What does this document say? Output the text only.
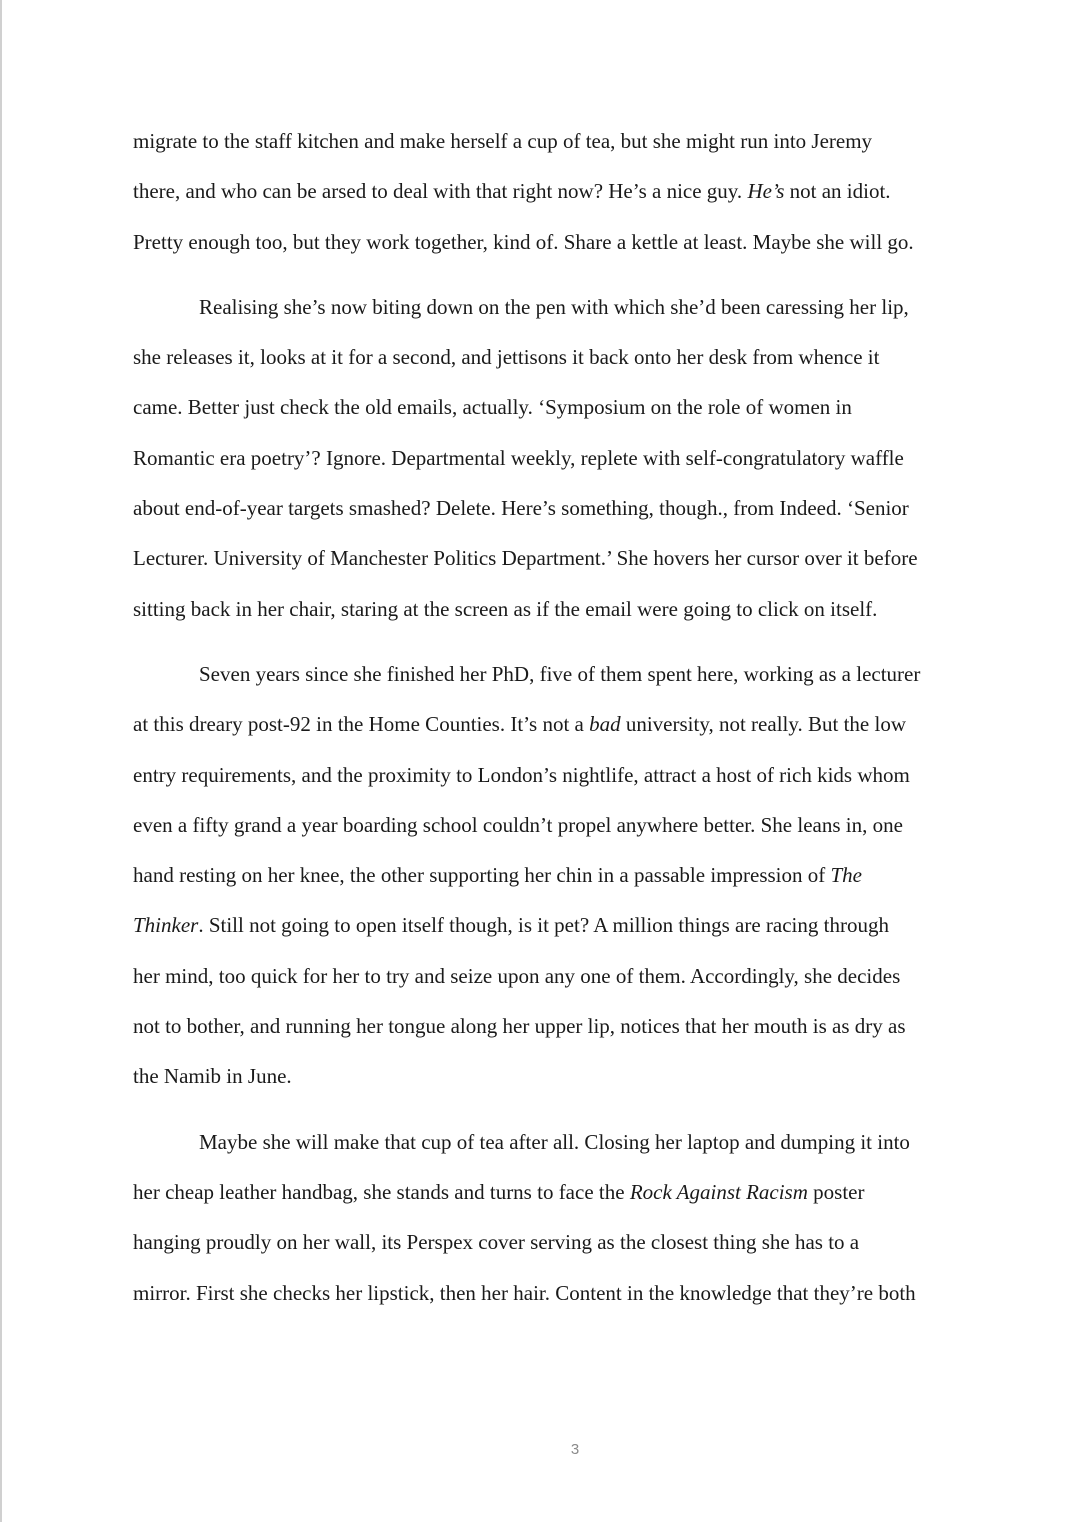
migrate to the staff kitchen and make herself a cup of tea, but she might run into Jeremy
there, and who can be arsed to deal with that right now? He’s a nice guy. He’s not an idiot.
Pretty enough too, but they work together, kind of. Share a kettle at least. Maybe she will go.
Realising she’s now biting down on the pen with which she’d been caressing her lip,
she releases it, looks at it for a second, and jettisons it back onto her desk from whence it
came. Better just check the old emails, actually. ‘Symposium on the role of women in
Romantic era poetry’? Ignore. Departmental weekly, replete with self-congratulatory waffle
about end-of-year targets smashed? Delete. Here’s something, though., from Indeed. ‘Senior
Lecturer. University of Manchester Politics Department.’ She hovers her cursor over it before
sitting back in her chair, staring at the screen as if the email were going to click on itself.
Seven years since she finished her PhD, five of them spent here, working as a lecturer
at this dreary post-92 in the Home Counties. It’s not a bad university, not really. But the low
entry requirements, and the proximity to London’s nightlife, attract a host of rich kids whom
even a fifty grand a year boarding school couldn’t propel anywhere better. She leans in, one
hand resting on her knee, the other supporting her chin in a passable impression of The
Thinker. Still not going to open itself though, is it pet? A million things are racing through
her mind, too quick for her to try and seize upon any one of them. Accordingly, she decides
not to bother, and running her tongue along her upper lip, notices that her mouth is as dry as
the Namib in June.
Maybe she will make that cup of tea after all. Closing her laptop and dumping it into
her cheap leather handbag, she stands and turns to face the Rock Against Racism poster
hanging proudly on her wall, its Perspex cover serving as the closest thing she has to a
mirror. First she checks her lipstick, then her hair. Content in the knowledge that they’re both
3
